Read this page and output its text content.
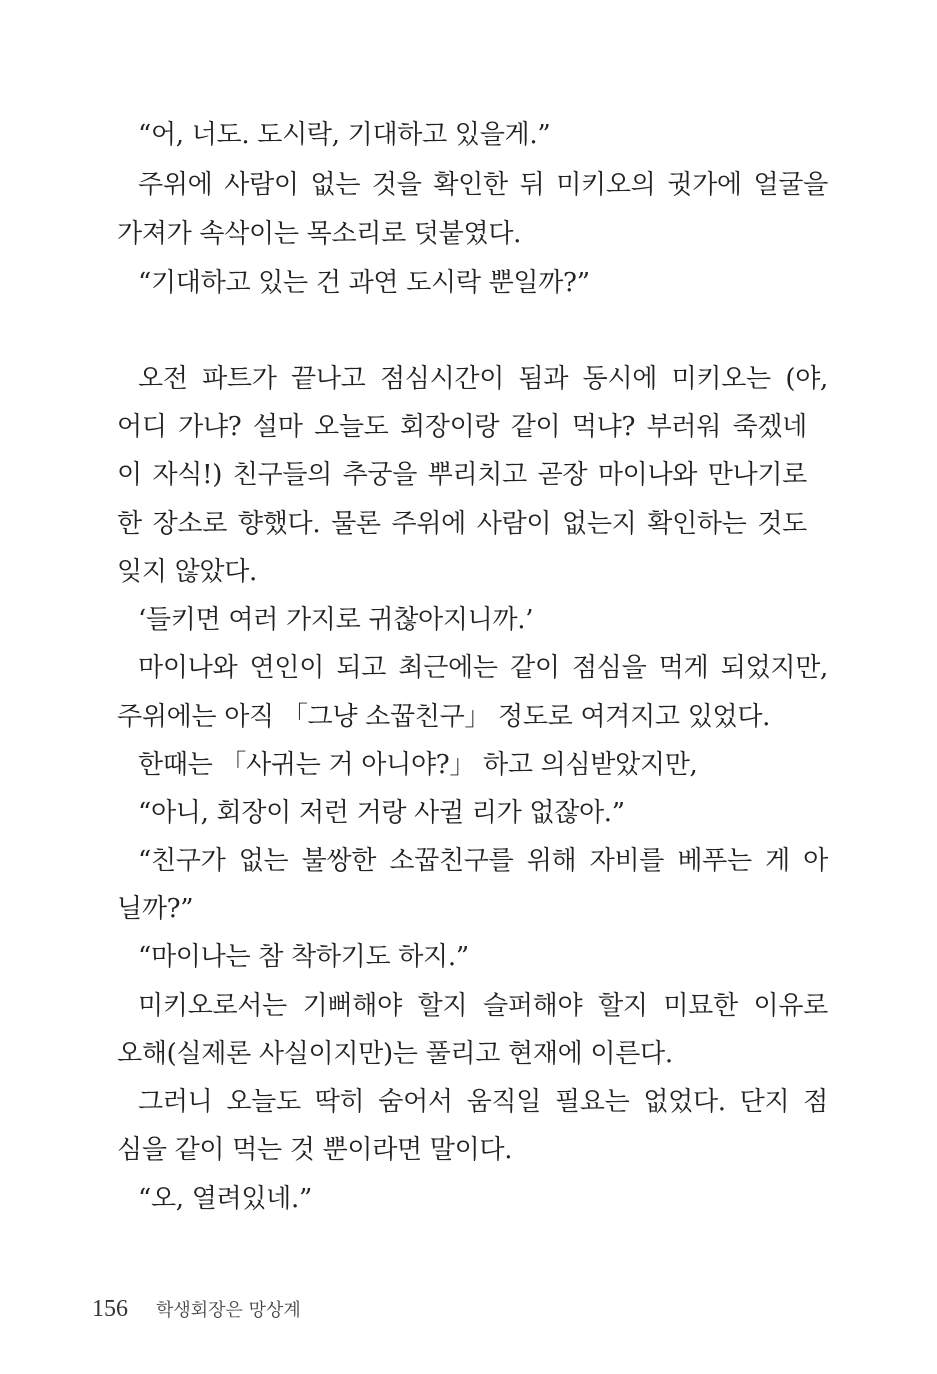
“어, 너도. 도시락, 기대하고 있을게.”
주위에 사람이 없는 것을 확인한 뒤 미키오의 귓가에 얼굴을
가져가 속삭이는 목소리로 덧붙였다.
“기대하고 있는 건 과연 도시락 뿐일까?”
오전 파트가 끝나고 점심시간이 됨과 동시에 미키오는 (야,
어디 가냐? 설마 오늘도 회장이랑 같이 먹냐? 부러워 죽겠네
이 자식!) 친구들의 추궁을 뿌리치고 곧장 마이나와 만나기로
한 장소로 향했다. 물론 주위에 사람이 없는지 확인하는 것도
잊지 않았다.
‘들키면 여러 가지로 귀찮아지니까.’
마이나와 연인이 되고 최근에는 같이 점심을 먹게 되었지만,
주위에는 아직 「그냥 소꿉친구」 정도로 여겨지고 있었다.
한때는 「사귀는 거 아니야?」 하고 의심받았지만,
“아니, 회장이 저런 거랑 사귈 리가 없잖아.”
“친구가 없는 불쌍한 소꿉친구를 위해 자비를 베푸는 게 아
닐까?”
“마이나는 참 착하기도 하지.”
미키오로서는 기뻐해야 할지 슬퍼해야 할지 미묘한 이유로
오해(실제론 사실이지만)는 풀리고 현재에 이른다.
그러니 오늘도 딱히 숨어서 움직일 필요는 없었다. 단지 점
심을 같이 먹는 것 뿐이라면 말이다.
“오, 열려있네.”
156 학생회장은 망상계
